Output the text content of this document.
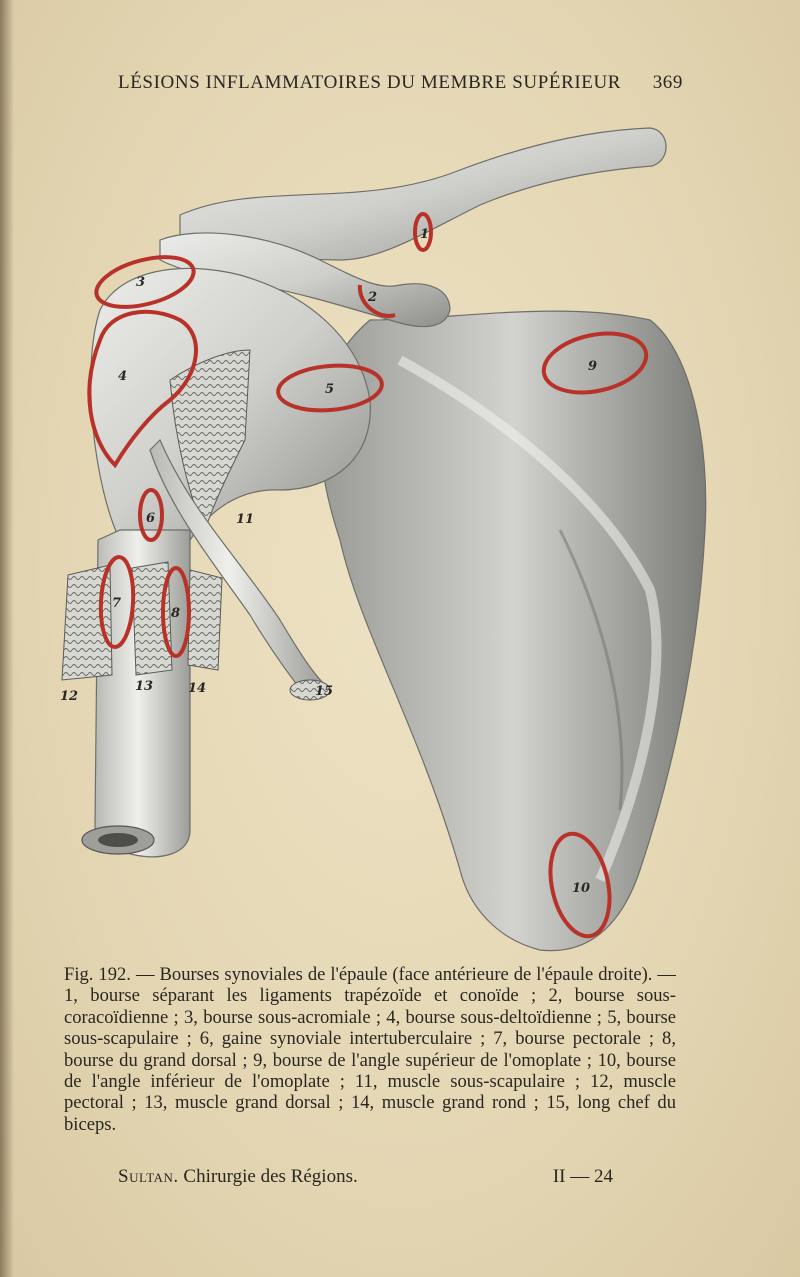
LÉSIONS INFLAMMATOIRES DU MEMBRE SUPÉRIEUR 369
1
2
3
4
5
6
7
8
9
10
11
12
13	14	15
Fig. 192. — Bourses synoviales de l'épaule (face antérieure de l'épaule droite). — 1, bourse séparant les ligaments trapézoïde et conoïde ; 2, bourse sous-coracoïdienne ; 3, bourse sous-acromiale ; 4, bourse sous-deltoïdienne ; 5, bourse sous-scapulaire ; 6, gaine synoviale intertuberculaire ; 7, bourse pectorale ; 8, bourse du grand dorsal ; 9, bourse de l'angle supérieur de l'omoplate ; 10, bourse de l'angle inférieur de l'omoplate ; 11, muscle sous-scapulaire ; 12, muscle pectoral ; 13, muscle grand dorsal ; 14, muscle grand rond ; 15, long chef du biceps.
Sultan. Chirurgie des Régions.	II — 24
